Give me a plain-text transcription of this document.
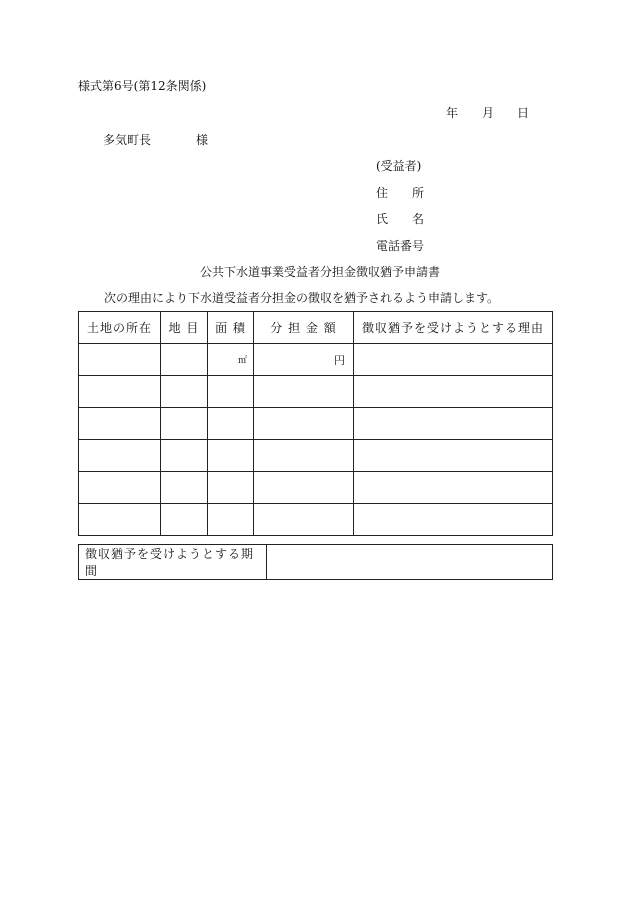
様式第6号(第12条関係)
年 月 日
多気町長	様
(受益者)
住 所
氏 名
電話番号
公共下水道事業受益者分担金徴収猶予申請書
次の理由により下水道受益者分担金の徴収を猶予されるよう申請します。
土地の所在	地 目	面 積	分 担 金 額	徴収猶予を受けようとする理由

		㎡	円	

徴収猶予を受けようとする期間	
